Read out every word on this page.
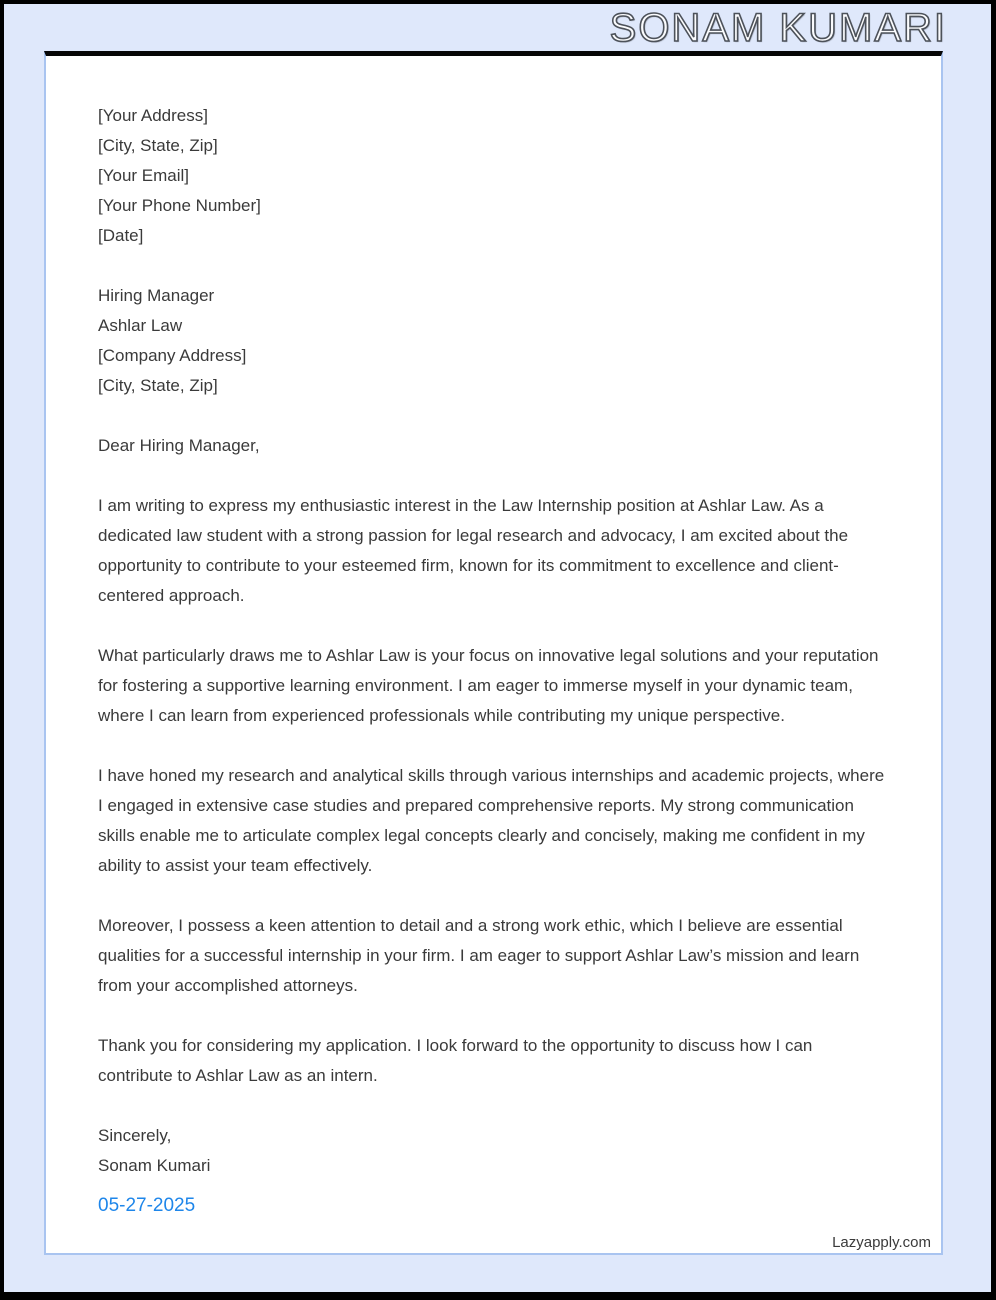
SONAM KUMARI
[Your Address]
[City, State, Zip]
[Your Email]
[Your Phone Number]
[Date]
Hiring Manager
Ashlar Law
[Company Address]
[City, State, Zip]
Dear Hiring Manager,

I am writing to express my enthusiastic interest in the Law Internship position at Ashlar Law. As a dedicated law student with a strong passion for legal research and advocacy, I am excited about the opportunity to contribute to your esteemed firm, known for its commitment to excellence and client-centered approach.

What particularly draws me to Ashlar Law is your focus on innovative legal solutions and your reputation for fostering a supportive learning environment. I am eager to immerse myself in your dynamic team, where I can learn from experienced professionals while contributing my unique perspective.

I have honed my research and analytical skills through various internships and academic projects, where I engaged in extensive case studies and prepared comprehensive reports. My strong communication skills enable me to articulate complex legal concepts clearly and concisely, making me confident in my ability to assist your team effectively.

Moreover, I possess a keen attention to detail and a strong work ethic, which I believe are essential qualities for a successful internship in your firm. I am eager to support Ashlar Law’s mission and learn from your accomplished attorneys.

Thank you for considering my application. I look forward to the opportunity to discuss how I can contribute to Ashlar Law as an intern.

Sincerely,
Sonam Kumari
05-27-2025
Lazyapply.com
